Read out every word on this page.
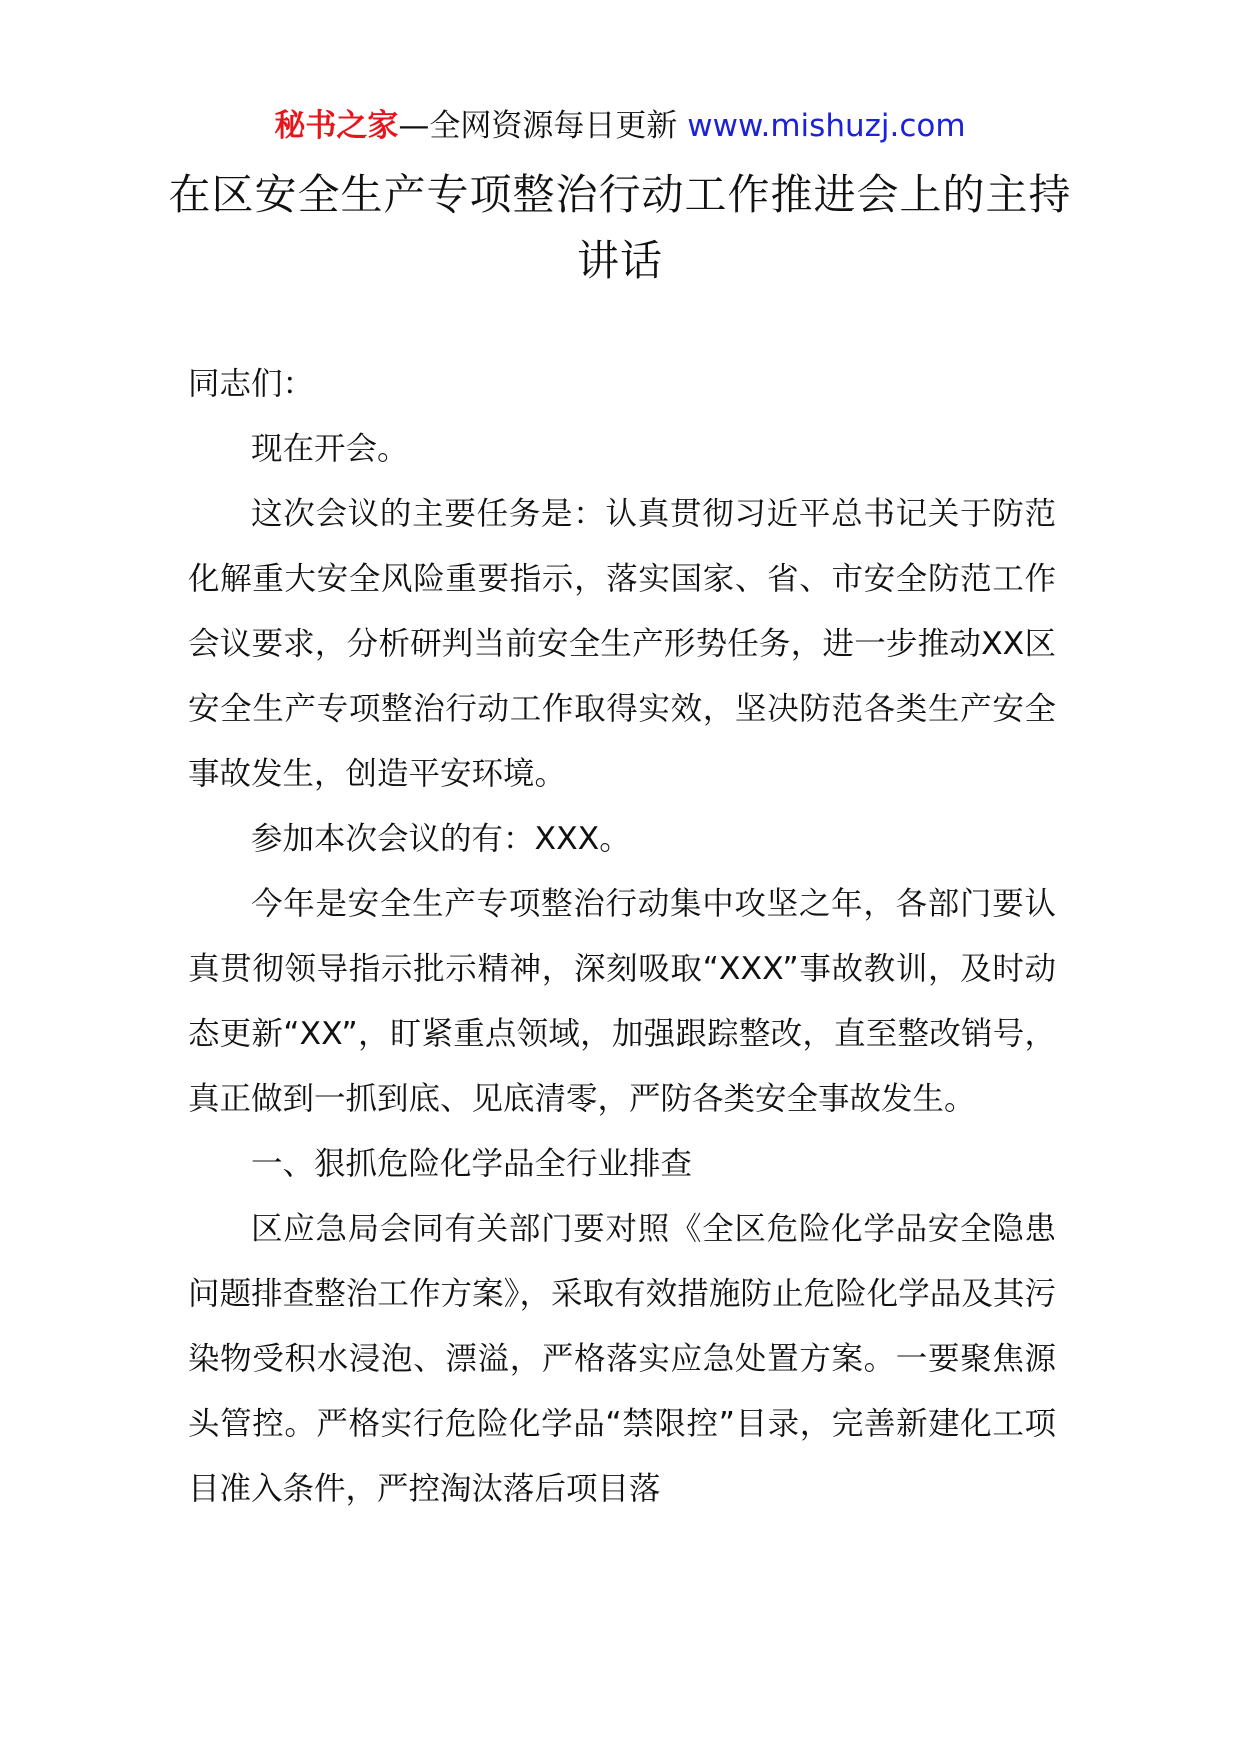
秘书之家—全网资源每日更新 www.mishuzj.com
在区安全生产专项整治行动工作推进会上的主持讲话

同志们：

现在开会。

这次会议的主要任务是：认真贯彻习近平总书记关于防范化解重大安全风险重要指示，落实国家、省、市安全防范工作会议要求，分析研判当前安全生产形势任务，进一步推动XX区安全生产专项整治行动工作取得实效，坚决防范各类生产安全事故发生，创造平安环境。

参加本次会议的有：XXX。

今年是安全生产专项整治行动集中攻坚之年，各部门要认真贯彻领导指示批示精神，深刻吸取“XXX”事故教训，及时动态更新“XX”，盯紧重点领域，加强跟踪整改，直至整改销号，真正做到一抓到底、见底清零，严防各类安全事故发生。

一、狠抓危险化学品全行业排查

区应急局会同有关部门要对照《全区危险化学品安全隐患问题排查整治工作方案》，采取有效措施防止危险化学品及其污染物受积水浸泡、漂溢，严格落实应急处置方案。一要聚焦源头管控。严格实行危险化学品“禁限控”目录，完善新建化工项目准入条件，严控淘汰落后项目落
